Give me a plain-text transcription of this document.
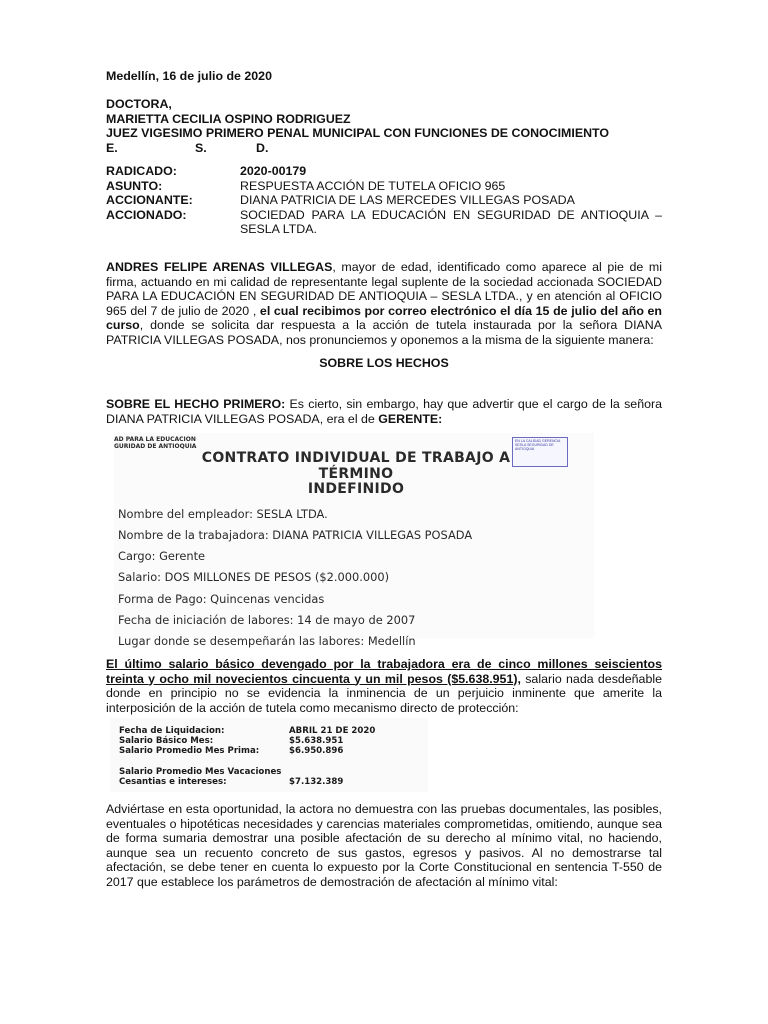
Medellín, 16 de julio de 2020
DOCTORA,
MARIETTA CECILIA OSPINO RODRIGUEZ
JUEZ VIGESIMO PRIMERO PENAL MUNICIPAL CON FUNCIONES DE CONOCIMIENTO
E.	S.	D.
RADICADO:	2020-00179
ASUNTO:	RESPUESTA ACCIÓN DE TUTELA OFICIO 965
ACCIONANTE:	DIANA PATRICIA DE LAS MERCEDES VILLEGAS POSADA
ACCIONADO:	SOCIEDAD PARA LA EDUCACIÓN EN SEGURIDAD DE ANTIOQUIA – SESLA LTDA.
ANDRES FELIPE ARENAS VILLEGAS, mayor de edad, identificado como aparece al pie de mi firma, actuando en mi calidad de representante legal suplente de la sociedad accionada SOCIEDAD PARA LA EDUCACIÓN EN SEGURIDAD DE ANTIOQUIA – SESLA LTDA., y en atención al OFICIO 965 del 7 de julio de 2020 , el cual recibimos por correo electrónico el día 15 de julio del año en curso, donde se solicita dar respuesta a la acción de tutela instaurada por la señora DIANA PATRICIA VILLEGAS POSADA, nos pronunciemos y oponemos a la misma de la siguiente manera:
SOBRE LOS HECHOS
SOBRE EL HECHO PRIMERO: Es cierto, sin embargo, hay que advertir que el cargo de la señora DIANA PATRICIA VILLEGAS POSADA, era el de GERENTE:
AD PARA LA EDUCACION
GURIDAD DE ANTIOQUIA
CONTRATO INDIVIDUAL DE TRABAJO A TÉRMINO
INDEFINIDO
Nombre del empleador: SESLA LTDA.
Nombre de la trabajadora: DIANA PATRICIA VILLEGAS POSADA
Cargo: Gerente
Salario: DOS MILLONES DE PESOS ($2.000.000)
Forma de Pago: Quincenas vencidas
Fecha de iniciación de labores: 14 de mayo de 2007
Lugar donde se desempeñarán las labores: Medellín
EN LA CALIDAD GERENCIA SESLA SEGURIDAD DE ANTIOQUIA
El último salario básico devengado por la trabajadora era de cinco millones seiscientos treinta y ocho mil novecientos cincuenta y un mil pesos ($5.638.951), salario nada desdeñable donde en principio no se evidencia la inminencia de un perjuicio inminente que amerite la interposición de la acción de tutela como mecanismo directo de protección:
Fecha de Liquidacion:	ABRIL 21 DE 2020
Salario Básico Mes:	$5.638.951
Salario Promedio Mes Prima:	$6.950.896
Salario Promedio Mes Vacaciones
Cesantias e intereses:	$7.132.389
Adviértase en esta oportunidad, la actora no demuestra con las pruebas documentales, las posibles, eventuales o hipotéticas necesidades y carencias materiales comprometidas, omitiendo, aunque sea de forma sumaria demostrar una posible afectación de su derecho al mínimo vital, no haciendo, aunque sea un recuento concreto de sus gastos, egresos y pasivos. Al no demostrarse tal afectación, se debe tener en cuenta lo expuesto por la Corte Constitucional en sentencia T-550 de 2017 que establece los parámetros de demostración de afectación al mínimo vital:
